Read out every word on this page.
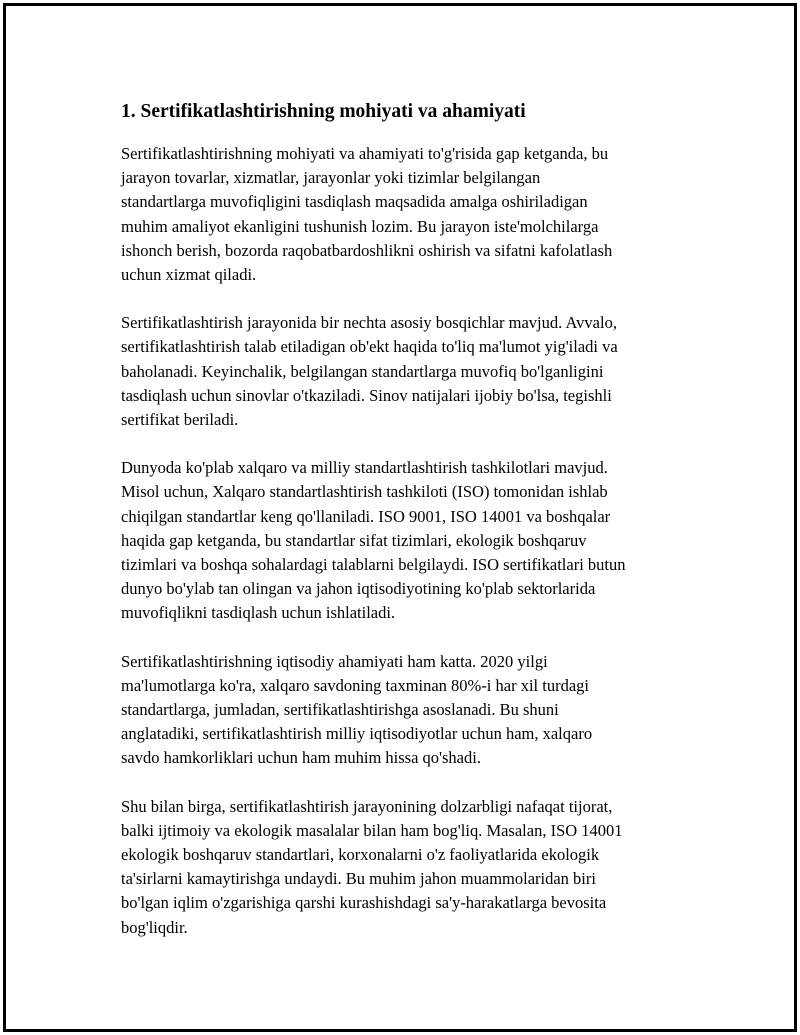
1. Sertifikatlashtirishning mohiyati va ahamiyati

Sertifikatlashtirishning mohiyati va ahamiyati to'g'risida gap ketganda, bu
jarayon tovarlar, xizmatlar, jarayonlar yoki tizimlar belgilangan
standartlarga muvofiqligini tasdiqlash maqsadida amalga oshiriladigan
muhim amaliyot ekanligini tushunish lozim. Bu jarayon iste'molchilarga
ishonch berish, bozorda raqobatbardoshlikni oshirish va sifatni kafolatlash
uchun xizmat qiladi.

Sertifikatlashtirish jarayonida bir nechta asosiy bosqichlar mavjud. Avvalo,
sertifikatlashtirish talab etiladigan ob'ekt haqida to'liq ma'lumot yig'iladi va
baholanadi. Keyinchalik, belgilangan standartlarga muvofiq bo'lganligini
tasdiqlash uchun sinovlar o'tkaziladi. Sinov natijalari ijobiy bo'lsa, tegishli
sertifikat beriladi.

Dunyoda ko'plab xalqaro va milliy standartlashtirish tashkilotlari mavjud.
Misol uchun, Xalqaro standartlashtirish tashkiloti (ISO) tomonidan ishlab
chiqilgan standartlar keng qo'llaniladi. ISO 9001, ISO 14001 va boshqalar
haqida gap ketganda, bu standartlar sifat tizimlari, ekologik boshqaruv
tizimlari va boshqa sohalardagi talablarni belgilaydi. ISO sertifikatlari butun
dunyo bo'ylab tan olingan va jahon iqtisodiyotining ko'plab sektorlarida
muvofiqlikni tasdiqlash uchun ishlatiladi.

Sertifikatlashtirishning iqtisodiy ahamiyati ham katta. 2020 yilgi
ma'lumotlarga ko'ra, xalqaro savdoning taxminan 80%-i har xil turdagi
standartlarga, jumladan, sertifikatlashtirishga asoslanadi. Bu shuni
anglatadiki, sertifikatlashtirish milliy iqtisodiyotlar uchun ham, xalqaro
savdo hamkorliklari uchun ham muhim hissa qo'shadi.

Shu bilan birga, sertifikatlashtirish jarayonining dolzarbligi nafaqat tijorat,
balki ijtimoiy va ekologik masalalar bilan ham bog'liq. Masalan, ISO 14001
ekologik boshqaruv standartlari, korxonalarni o'z faoliyatlarida ekologik
ta'sirlarni kamaytirishga undaydi. Bu muhim jahon muammolaridan biri
bo'lgan iqlim o'zgarishiga qarshi kurashishdagi sa'y-harakatlarga bevosita
bog'liqdir.
